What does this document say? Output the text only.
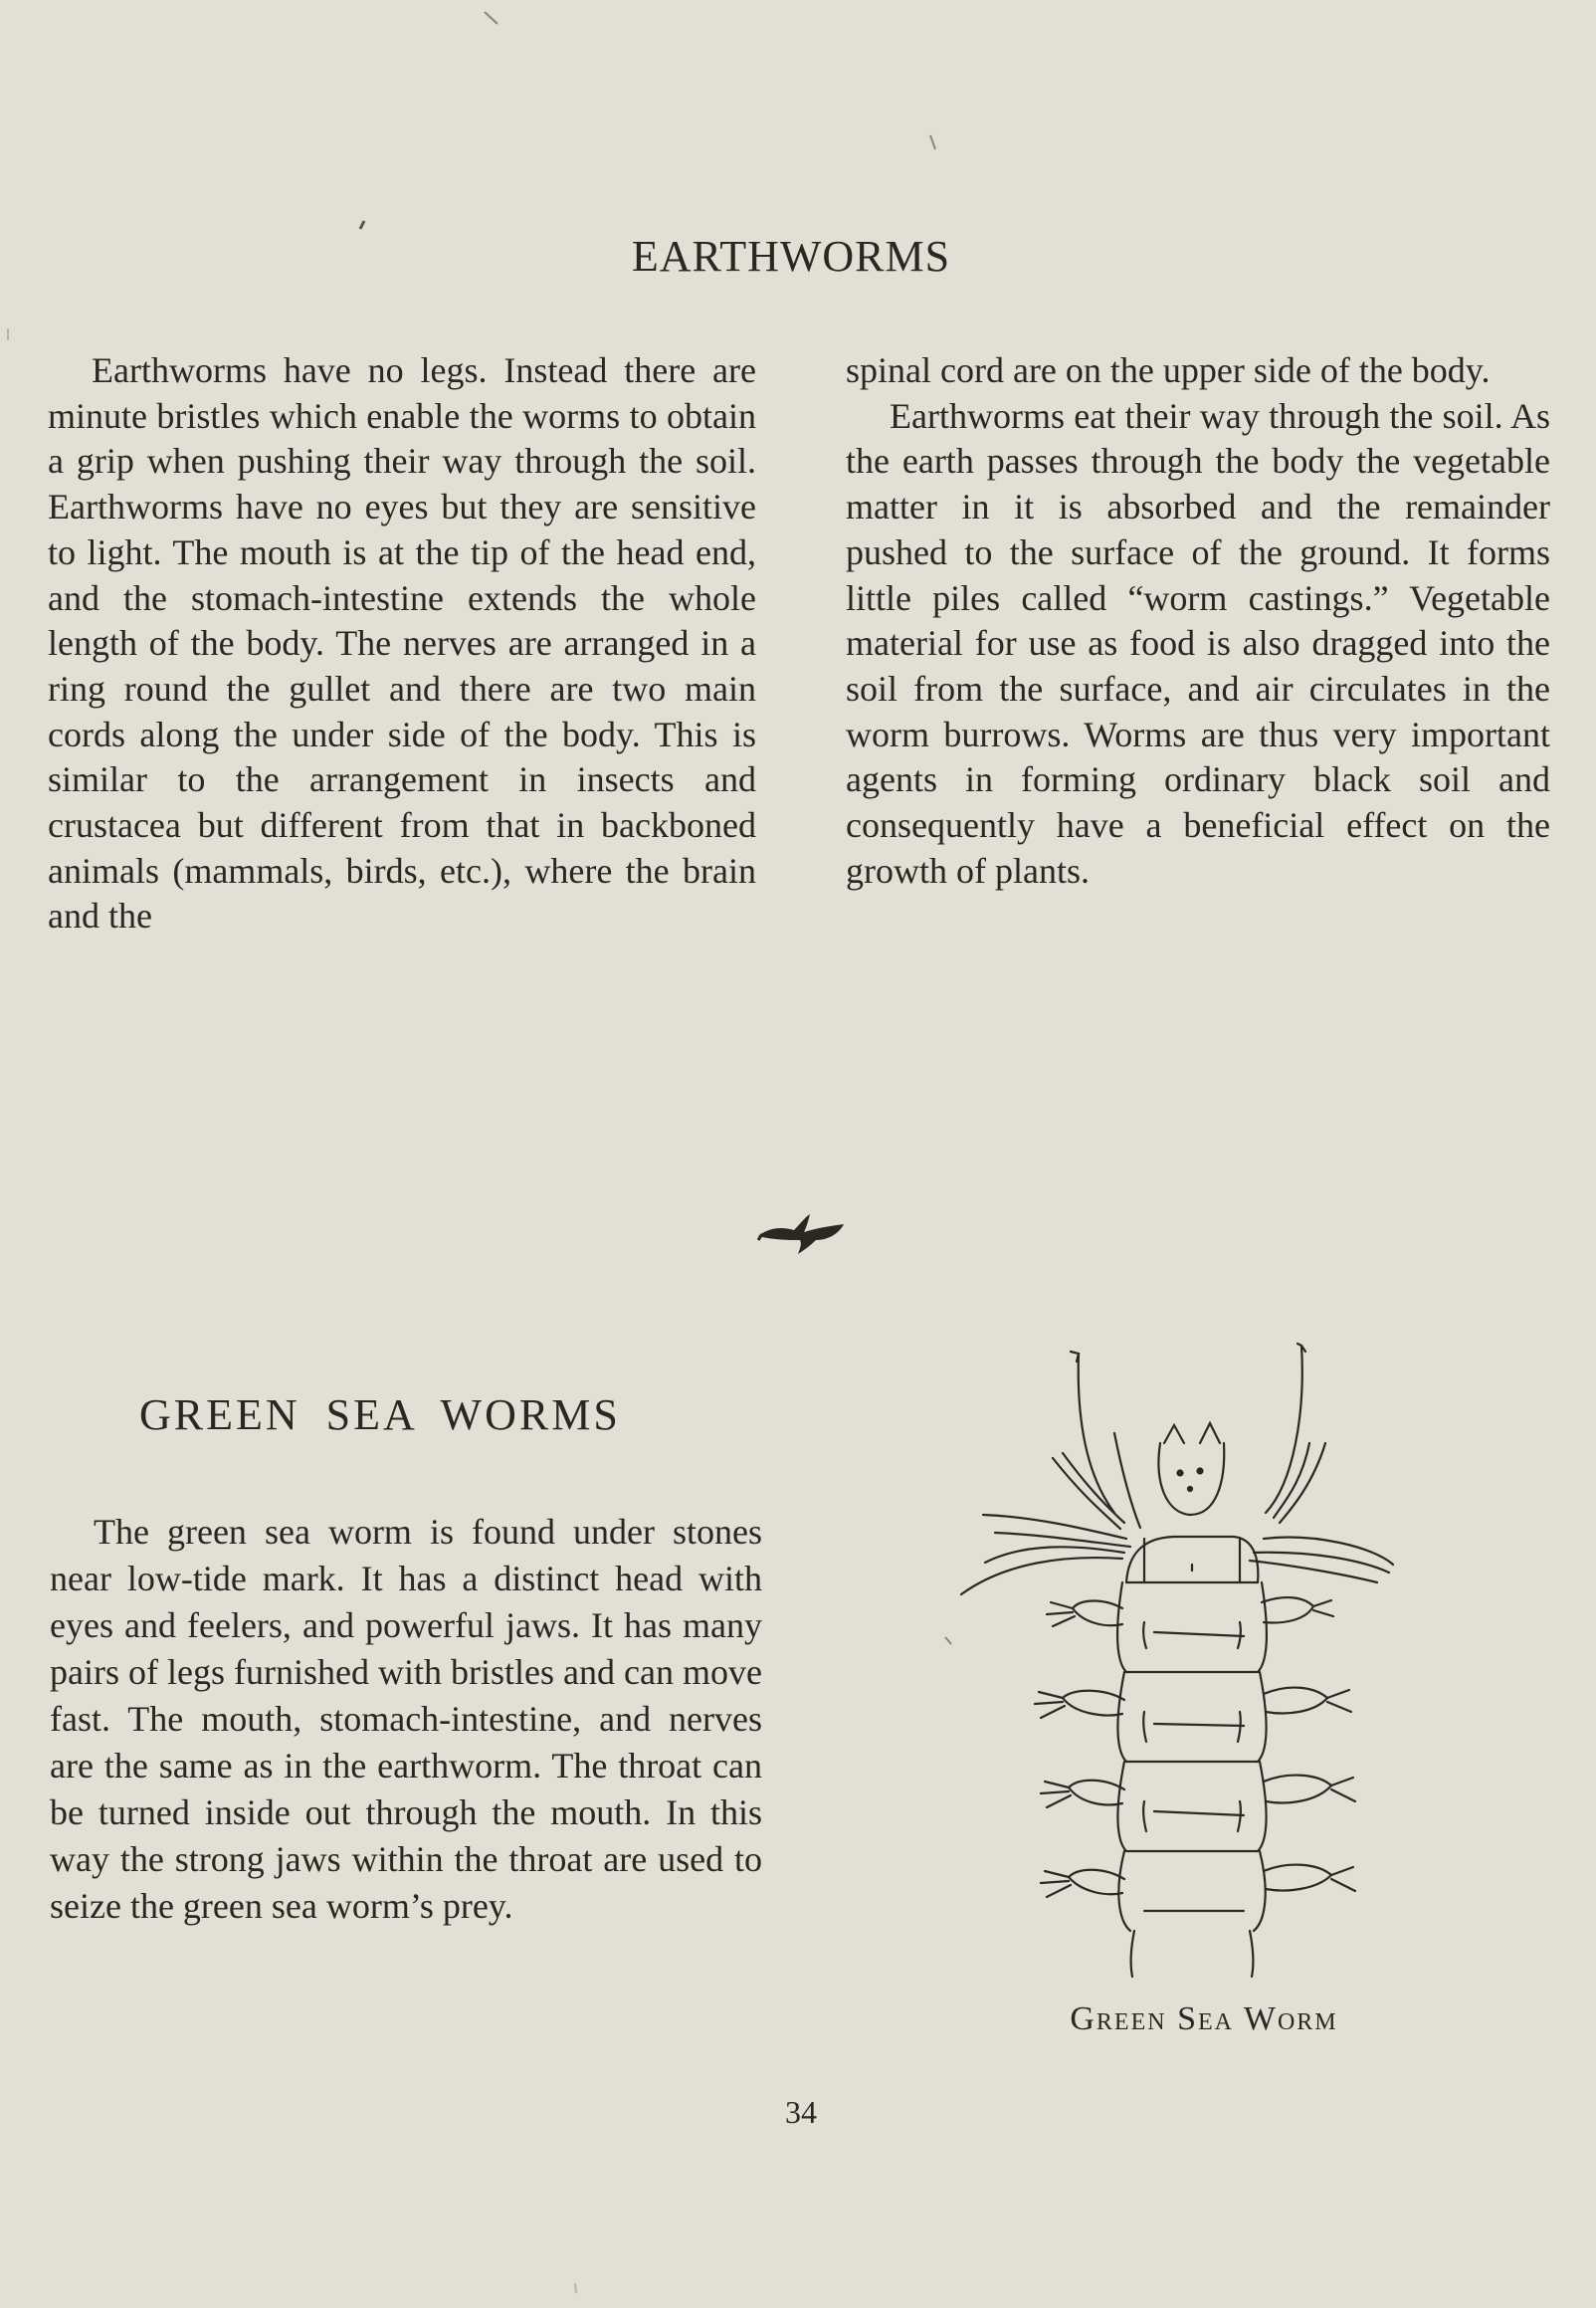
EARTHWORMS

Earthworms have no legs. Instead there are minute bristles which enable the worms to obtain a grip when pushing their way through the soil. Earthworms have no eyes but they are sensitive to light. The mouth is at the tip of the head end, and the stomach-intestine extends the whole length of the body. The nerves are arranged in a ring round the gullet and there are two main cords along the under side of the body. This is similar to the arrangement in insects and crustacea but different from that in backboned animals (mammals, birds, etc.), where the brain and the

spinal cord are on the upper side of the body.

Earthworms eat their way through the soil. As the earth passes through the body the vegetable matter in it is absorbed and the remainder pushed to the surface of the ground. It forms little piles called “worm castings.” Vegetable material for use as food is also dragged into the soil from the surface, and air circulates in the worm burrows. Worms are thus very important agents in forming ordinary black soil and consequently have a beneficial effect on the growth of plants.

GREEN SEA WORMS

The green sea worm is found under stones near low-tide mark. It has a distinct head with eyes and feelers, and powerful jaws. It has many pairs of legs furnished with bristles and can move fast. The mouth, stomach-intestine, and nerves are the same as in the earthworm. The throat can be turned inside out through the mouth. In this way the strong jaws within the throat are used to seize the green sea worm’s prey.

Green Sea Worm
34
